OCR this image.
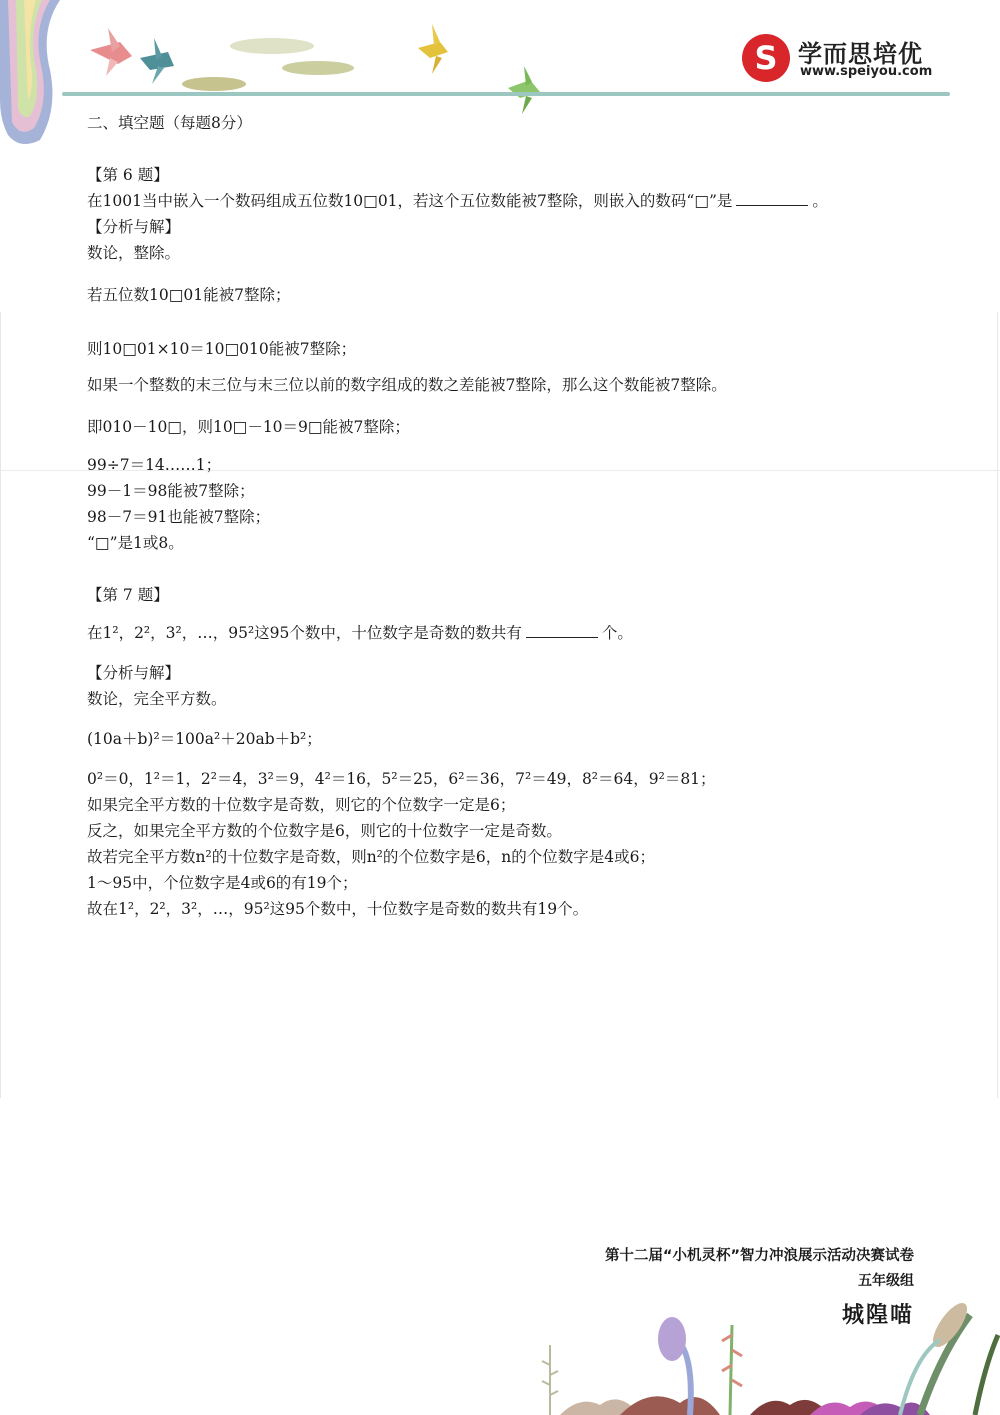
S 学而思培优
www.speiyou.com
二、填空题（每题8分）
【第 6 题】
在1001当中嵌入一个数码组成五位数10□01，若这个五位数能被7整除，则嵌入的数码“□”是	。
【分析与解】
数论，整除。
若五位数10□01能被7整除；
则10□01×10＝10□010能被7整除；
如果一个整数的末三位与末三位以前的数字组成的数之差能被7整除，那么这个数能被7整除。
即010－10□，则10□－10＝9□能被7整除；
99÷7＝14……1；
99－1＝98能被7整除；
98－7＝91也能被7整除；
“□”是1或8。
【第 7 题】
在1²，2²，3²，…，95²这95个数中，十位数字是奇数的数共有	个。
【分析与解】
数论，完全平方数。
(10a＋b)²＝100a²＋20ab＋b²；
0²＝0，1²＝1，2²＝4，3²＝9，4²＝16，5²＝25，6²＝36，7²＝49，8²＝64，9²＝81；
如果完全平方数的十位数字是奇数，则它的个位数字一定是6；
反之，如果完全平方数的个位数字是6，则它的十位数字一定是奇数。
故若完全平方数n²的十位数字是奇数，则n²的个位数字是6，n的个位数字是4或6；
1～95中，个位数字是4或6的有19个；
故在1²，2²，3²，…，95²这95个数中，十位数字是奇数的数共有19个。
第十二届“小机灵杯”智力冲浪展示活动决赛试卷
五年级组
城隍喵
